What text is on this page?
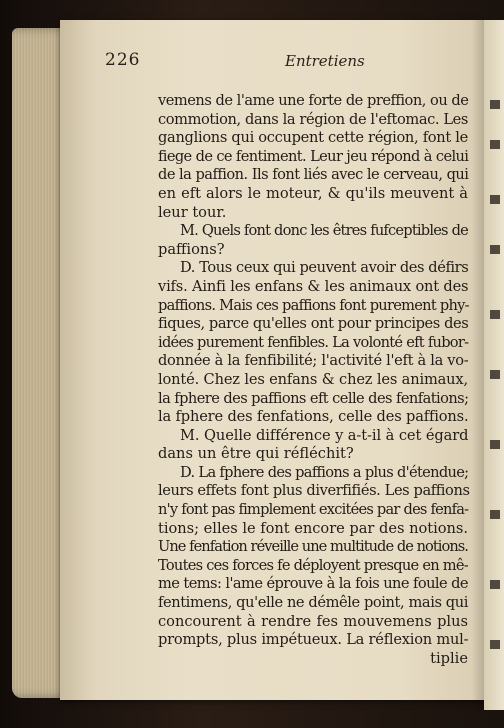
226	Entretiens
vemens de l'ame une forte de preffion, ou de
commotion, dans la région de l'eftomac. Les
ganglions qui occupent cette région, font le
fiege de ce fentiment. Leur jeu répond à celui
de la paffion. Ils font liés avec le cerveau, qui
en eft alors le moteur, & qu'ils meuvent à
leur tour.
M. Quels font donc les êtres fufceptibles de
paffions?
D. Tous ceux qui peuvent avoir des défirs
vifs. Ainfi les enfans & les animaux ont des
paffions. Mais ces paffions font purement phy-
fiques, parce qu'elles ont pour principes des
idées purement fenfibles. La volonté eft fubor-
donnée à la fenfibilité; l'activité l'eft à la vo-
lonté. Chez les enfans & chez les animaux,
la fphere des paffions eft celle des fenfations;
la fphere des fenfations, celle des paffions.
M. Quelle différence y a-t-il à cet égard
dans un être qui réfléchit?
D. La fphere des paffions a plus d'étendue;
leurs effets font plus diverfifiés. Les paffions
n'y font pas fimplement excitées par des fenfa-
tions; elles le font encore par des notions.
Une fenfation réveille une multitude de notions.
Toutes ces forces fe déployent presque en mê-
me tems: l'ame éprouve à la fois une foule de
fentimens, qu'elle ne démêle point, mais qui
concourent à rendre fes mouvemens plus
prompts, plus impétueux. La réflexion mul-
tiplie
